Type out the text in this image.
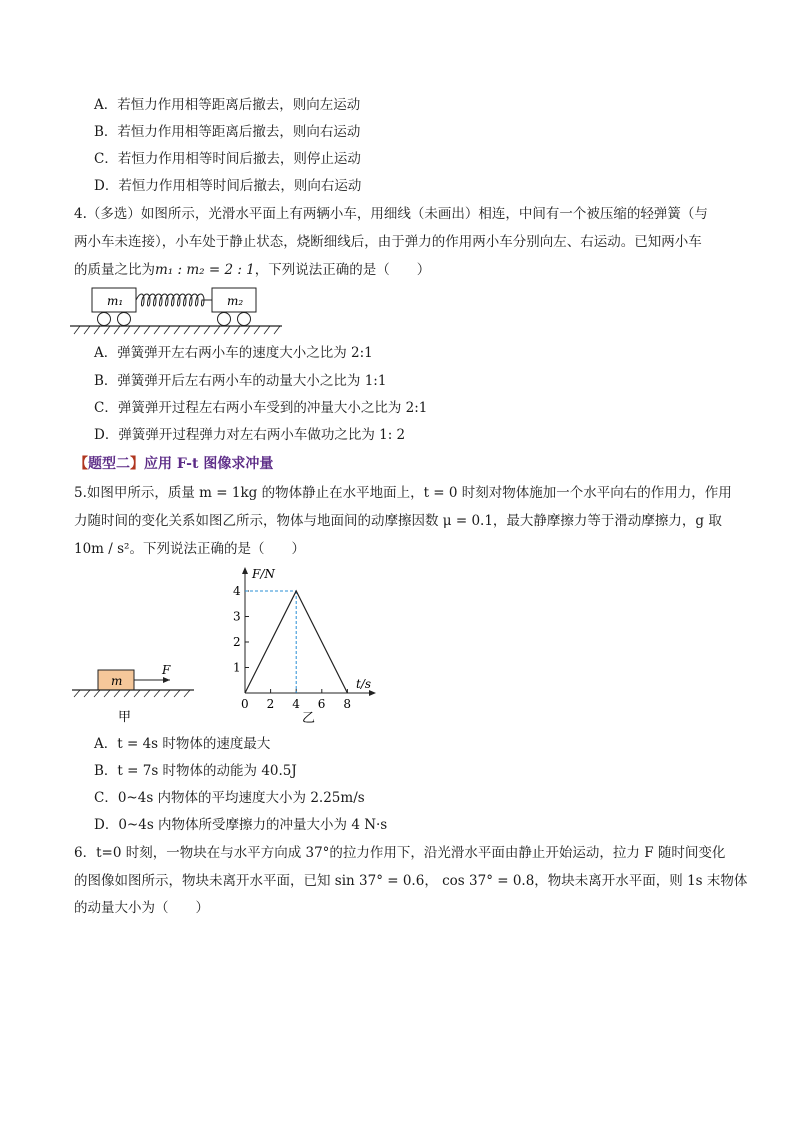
A．若恒力作用相等距离后撤去，则向左运动
B．若恒力作用相等距离后撤去，则向右运动
C．若恒力作用相等时间后撤去，则停止运动
D．若恒力作用相等时间后撤去，则向右运动
4.（多选）如图所示，光滑水平面上有两辆小车，用细线（未画出）相连，中间有一个被压缩的轻弹簧（与
两小车未连接），小车处于静止状态，烧断细线后，由于弹力的作用两小车分别向左、右运动。已知两小车
的质量之比为m₁ : m₂ = 2 : 1，下列说法正确的是（　　）
m₁	m₂
A．弹簧弹开左右两小车的速度大小之比为 2:1
B．弹簧弹开后左右两小车的动量大小之比为 1:1
C．弹簧弹开过程左右两小车受到的冲量大小之比为 2:1
D．弹簧弹开过程弹力对左右两小车做功之比为 1: 2
【题型二】应用 F-t 图像求冲量
5.如图甲所示，质量 m = 1kg 的物体静止在水平地面上，t = 0 时刻对物体施加一个水平向右的作用力，作用
力随时间的变化关系如图乙所示，物体与地面间的动摩擦因数 μ = 0.1，最大静摩擦力等于滑动摩擦力，g 取
10m / s²。下列说法正确的是（　　）
m
F
甲
F/N
t/s
1
2
3
4
0 2 4 6 8
乙
A．t = 4s 时物体的速度最大
B．t = 7s 时物体的动能为 40.5J
C．0~4s 内物体的平均速度大小为 2.25m/s
D．0~4s 内物体所受摩擦力的冲量大小为 4 N·s
6．t=0 时刻，一物块在与水平方向成 37°的拉力作用下，沿光滑水平面由静止开始运动，拉力 F 随时间变化
的图像如图所示，物块未离开水平面，已知 sin 37° = 0.6， cos 37° = 0.8，物块未离开水平面，则 1s 末物体
的动量大小为（　　）
